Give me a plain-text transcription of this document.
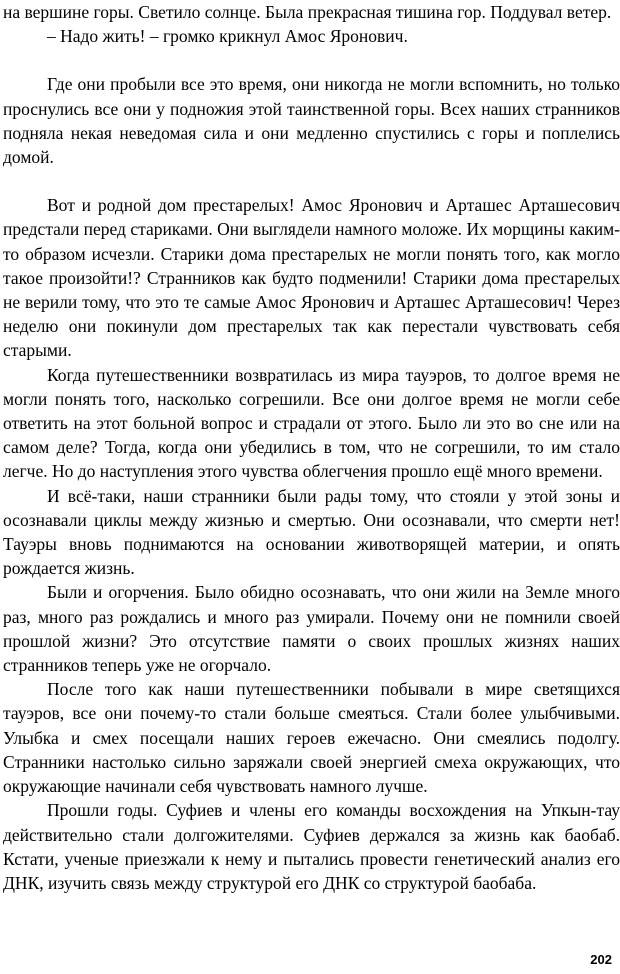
на вершине горы. Светило солнце. Была прекрасная тишина гор. Поддувал ветер.

– Надо жить! – громко крикнул Амос Яронович.

Где они пробыли все это время, они никогда не могли вспомнить, но только проснулись все они у подножия этой таинственной горы. Всех наших странников подняла некая неведомая сила и они медленно спустились с горы и поплелись домой.

Вот и родной дом престарелых! Амос Яронович и Арташес Арташесович предстали перед стариками. Они выглядели намного моложе. Их морщины каким-то образом исчезли. Старики дома престарелых не могли понять того, как могло такое произойти!? Странников как будто подменили! Старики дома престарелых не верили тому, что это те самые Амос Яронович и Арташес Арташесович! Через неделю они покинули дом престарелых так как перестали чувствовать себя старыми.

Когда путешественники возвратилась из мира тауэров, то долгое время не могли понять того, насколько согрешили. Все они долгое время не могли себе ответить на этот больной вопрос и страдали от этого. Было ли это во сне или на самом деле? Тогда, когда они убедились в том, что не согрешили, то им стало легче. Но до наступления этого чувства облегчения прошло ещё много времени.

И всё-таки, наши странники были рады тому, что стояли у этой зоны и осознавали циклы между жизнью и смертью. Они осознавали, что смерти нет! Тауэры вновь поднимаются на основании животворящей материи, и опять рождается жизнь.

Были и огорчения. Было обидно осознавать, что они жили на Земле много раз, много раз рождались и много раз умирали. Почему они не помнили своей прошлой жизни? Это отсутствие памяти о своих прошлых жизнях наших странников теперь уже не огорчало.

После того как наши путешественники побывали в мире светящихся тауэров, все они почему-то стали больше смеяться. Стали более улыбчивыми. Улыбка и смех посещали наших героев ежечасно. Они смеялись подолгу. Странники настолько сильно заряжали своей энергией смеха окружающих, что окружающие начинали себя чувствовать намного лучше.

Прошли годы. Суфиев и члены его команды восхождения на Упкын-тау действительно стали долгожителями. Суфиев держался за жизнь как баобаб. Кстати, ученые приезжали к нему и пытались провести генетический анализ его ДНК, изучить связь между структурой его ДНК со структурой баобаба.

202
